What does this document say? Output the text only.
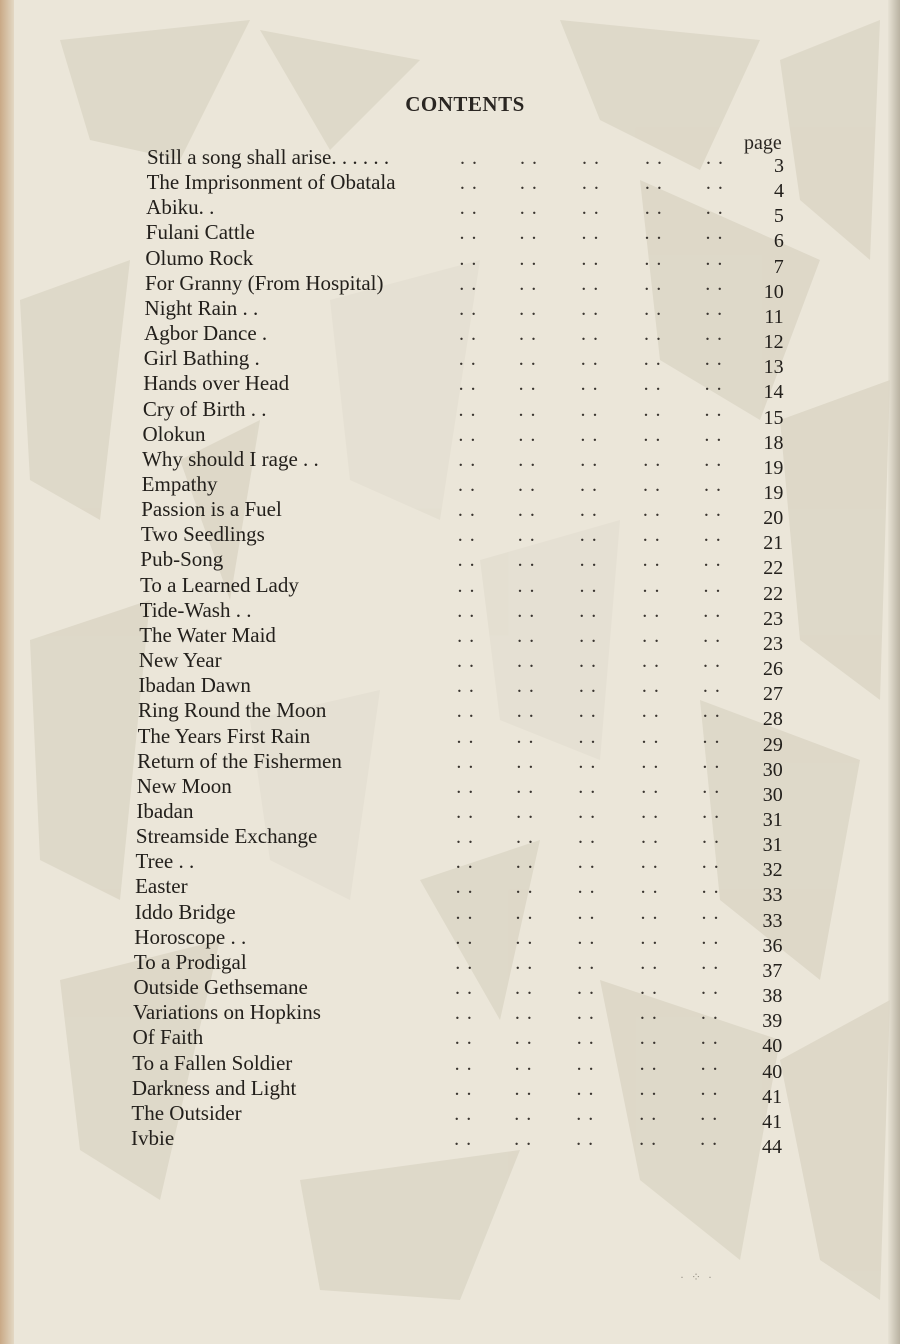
CONTENTS
page
Still a song shall arise. . . . . .	. . . . . . . . . .	3
The Imprisonment of Obatala	. . . . . . . . . .	4
Abiku. .	. . . . . . . . . .	5
Fulani Cattle	. . . . . . . . . .	6
Olumo Rock	. . . . . . . . . .	7
For Granny (From Hospital)	. . . . . . . . . .	10
Night Rain . .	. . . . . . . . . .	11
Agbor Dance .	. . . . . . . . . .	12
Girl Bathing .	. . . . . . . . . .	13
Hands over Head	. . . . . . . . . .	14
Cry of Birth . .	. . . . . . . . . .	15
Olokun	. . . . . . . . . .	18
Why should I rage . .	. . . . . . . . . .	19
Empathy	. . . . . . . . . .	19
Passion is a Fuel	. . . . . . . . . .	20
Two Seedlings	. . . . . . . . . .	21
Pub-Song	. . . . . . . . . .	22
To a Learned Lady	. . . . . . . . . .	22
Tide-Wash . .	. . . . . . . . . .	23
The Water Maid	. . . . . . . . . .	23
New Year	. . . . . . . . . .	26
Ibadan Dawn	. . . . . . . . . .	27
Ring Round the Moon	. . . . . . . . . .	28
The Years First Rain	. . . . . . . . . .	29
Return of the Fishermen	. . . . . . . . . .	30
New Moon	. . . . . . . . . .	30
Ibadan	. . . . . . . . . .	31
Streamside Exchange	. . . . . . . . . .	31
Tree . .	. . . . . . . . . .	32
Easter	. . . . . . . . . .	33
Iddo Bridge	. . . . . . . . . .	33
Horoscope . .	. . . . . . . . . .	36
To a Prodigal	. . . . . . . . . .	37
Outside Gethsemane	. . . . . . . . . .	38
Variations on Hopkins	. . . . . . . . . .	39
Of Faith	. . . . . . . . . .	40
To a Fallen Soldier	. . . . . . . . . .	40
Darkness and Light	. . . . . . . . . .	41
The Outsider	. . . . . . . . . .	41
Ivbie	. . . . . . . . . .	44
· ⁘ ·
